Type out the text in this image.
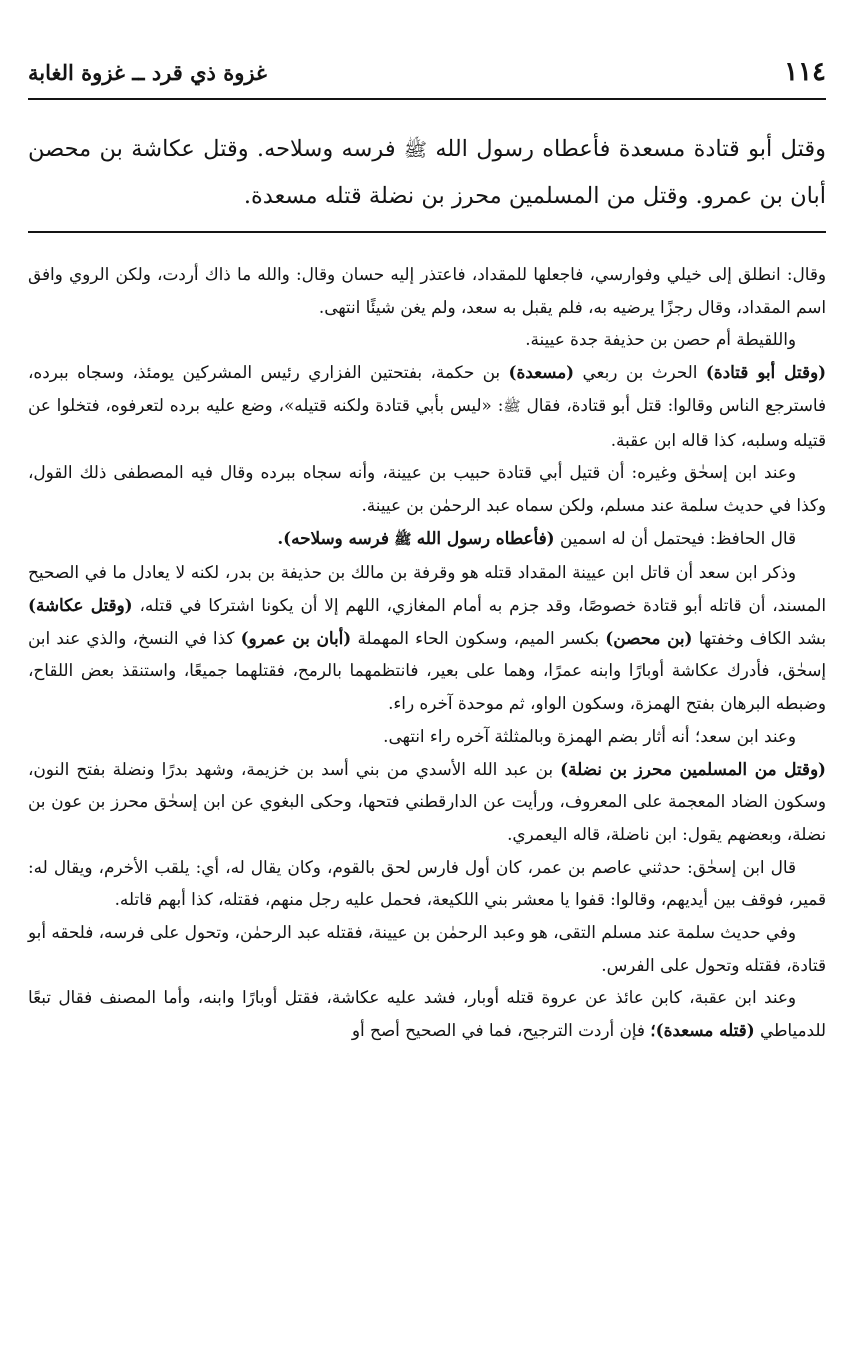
١١٤
غزوة ذي قرد ــ غزوة الغابة

وقتل أبو قتادة مسعدة فأعطاه رسول الله ﷺ فرسه وسلاحه. وقتل عكاشة بن محصن أبان بن عمرو. وقتل من المسلمين محرز بن نضلة قتله مسعدة.

وقال: انطلق إلى خيلي وفوارسي، فاجعلها للمقداد، فاعتذر إليه حسان وقال: والله ما ذاك أردت، ولكن الروي وافق اسم المقداد، وقال رجزًا يرضيه به، فلم يقبل به سعد، ولم يغن شيئًا انتهى.

واللقيطة أم حصن بن حذيفة جدة عيينة.

(وقتل أبو قتادة) الحرث بن ربعي (مسعدة) بن حكمة، بفتحتين الفزاري رئيس المشركين يومئذ، وسجاه ببرده، فاسترجع الناس وقالوا: قتل أبو قتادة، فقال ﷺ: «ليس بأبي قتادة ولكنه قتيله»، وضع عليه برده لتعرفوه، فتخلوا عن قتيله وسلبه، كذا قاله ابن عقبة.

وعند ابن إسحٰق وغيره: أن قتيل أبي قتادة حبيب بن عيينة، وأنه سجاه ببرده وقال فيه المصطفى ذلك القول، وكذا في حديث سلمة عند مسلم، ولكن سماه عبد الرحمٰن بن عيينة.

قال الحافظ: فيحتمل أن له اسمين (فأعطاه رسول الله ﷺ فرسه وسلاحه).

وذكر ابن سعد أن قاتل ابن عيينة المقداد قتله هو وقرفة بن مالك بن حذيفة بن بدر، لكنه لا يعادل ما في الصحيح المسند، أن قاتله أبو قتادة خصوصًا، وقد جزم به أمام المغازي، اللهم إلا أن يكونا اشتركا في قتله، (وقتل عكاشة) بشد الكاف وخفتها (بن محصن) بكسر الميم، وسكون الحاء المهملة (أبان بن عمرو) كذا في النسخ، والذي عند ابن إسحٰق، فأدرك عكاشة أوبارًا وابنه عمرًا، وهما على بعير، فانتظمهما بالرمح، فقتلهما جميعًا، واستنقذ بعض اللقاح، وضبطه البرهان بفتح الهمزة، وسكون الواو، ثم موحدة آخره راء.

وعند ابن سعد؛ أنه أثار بضم الهمزة وبالمثلثة آخره راء انتهى.

(وقتل من المسلمين محرز بن نضلة) بن عبد الله الأسدي من بني أسد بن خزيمة، وشهد بدرًا ونضلة بفتح النون، وسكون الضاد المعجمة على المعروف، ورأيت عن الدارقطني فتحها، وحكى البغوي عن ابن إسحٰق محرز بن عون بن نضلة، وبعضهم يقول: ابن ناضلة، قاله اليعمري.

قال ابن إسحٰق: حدثني عاصم بن عمر، كان أول فارس لحق بالقوم، وكان يقال له، أي: يلقب الأخرم، ويقال له: قمير، فوقف بين أيديهم، وقالوا: قفوا يا معشر بني اللكيعة، فحمل عليه رجل منهم، فقتله، كذا أبهم قاتله.

وفي حديث سلمة عند مسلم التقى، هو وعبد الرحمٰن بن عيينة، فقتله عبد الرحمٰن، وتحول على فرسه، فلحقه أبو قتادة، فقتله وتحول على الفرس.

وعند ابن عقبة، كابن عائذ عن عروة قتله أوبار، فشد عليه عكاشة، فقتل أوبارًا وابنه، وأما المصنف فقال تبعًا للدمياطي (قتله مسعدة)؛ فإن أردت الترجيح، فما في الصحيح أصح أو
